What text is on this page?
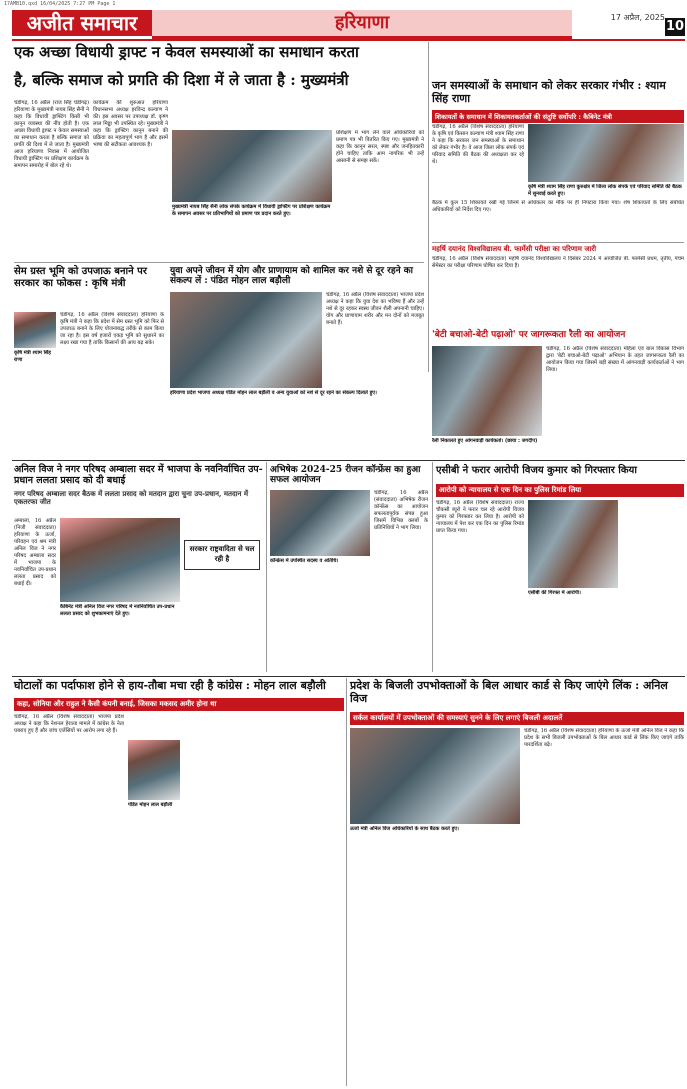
17AMB10.qxd 16/04/2025 7:27 PM Page 1
अजीत समाचार	हरियाणा	17 अप्रैल, 2025
10
एक अच्छा विधायी ड्राफ्ट न केवल समस्याओं का समाधान करता
है, बल्कि समाज को प्रगति की दिशा में ले जाता है : मुख्यमंत्री
चंडीगढ़, 16 अप्रैल (राज सिंह चंडीगढ़) हरियाणा के मुख्यमंत्री नायब सिंह सैनी ने कहा कि विधायी ड्राफ्टिंग किसी भी कानून व्यवस्था की नींव होती है। एक अच्छा विधायी ड्राफ्ट न केवल समस्याओं का समाधान करता है बल्कि समाज को प्रगति की दिशा में ले जाता है। मुख्यमंत्री आज हरियाणा निवास में आयोजित विधायी ड्राफ्टिंग पर प्रशिक्षण कार्यक्रम के समापन समारोह में बोल रहे थे।
कार्यक्रम की शुरुआत हरियाणा विधानसभा अध्यक्ष हरविन्द्र कल्याण ने की। इस अवसर पर उपाध्यक्ष डॉ. कृष्ण लाल मिड्ढा भी उपस्थित रहे। मुख्यमंत्री ने कहा कि ड्राफ्टिंग कानून बनाने की प्रक्रिया का महत्वपूर्ण भाग है और इसमें भाषा की सटीकता आवश्यक है।
मुख्यमंत्री नायब सिंह सैनी लोक संपर्क कार्यक्रम में विधायी ड्राफ्टिंग पर प्रशिक्षण कार्यक्रम के समापन अवसर पर प्रतिभागियों को प्रमाण पत्र प्रदान करते हुए।
प्रशिक्षण में भाग लेने वाले अधिकारियों को प्रमाण पत्र भी वितरित किए गए। मुख्यमंत्री ने कहा कि कानून सरल, स्पष्ट और जनहितकारी होने चाहिए ताकि आम नागरिक भी उन्हें आसानी से समझ सकें।
जन समस्याओं के समाधान को लेकर सरकार गंभीर : श्याम सिंह राणा
शिकायतों के समाधान में शिकायतकर्ताओं की संतुष्टि सर्वोपरि : कैबिनेट मंत्री
चंडीगढ़, 16 अप्रैल (विशेष संवाददाता) हरियाणा के कृषि एवं किसान कल्याण मंत्री श्याम सिंह राणा ने कहा कि सरकार जन समस्याओं के समाधान को लेकर गंभीर है। वे आज जिला लोक संपर्क एवं परिवाद समिति की बैठक की अध्यक्षता कर रहे थे।
कृषि मंत्री श्याम सिंह राणा कुरुक्षेत्र में जिला लोक संपर्क एवं परिवाद समिति की बैठक में सुनवाई करते हुए।
बैठक में कुल 15 शिकायतें रखी गई जिनमें से अधिकतर का मौके पर ही निपटारा किया गया। शेष शिकायतों के लिए संबंधित अधिकारियों को निर्देश दिए गए।
महर्षि दयानंद विश्वविद्यालय बी. फार्मेसी परीक्षा का परिणाम जारी
चंडीगढ़, 16 अप्रैल (विशेष संवाददाता) महर्षि दयानंद विश्वविद्यालय ने दिसंबर 2024 में आयोजित बी. फार्मेसी प्रथम, तृतीय, पंचम सेमेस्टर का परीक्षा परिणाम घोषित कर दिया है।
सेम ग्रस्त भूमि को उपजाऊ बनाने पर सरकार का फोकस : कृषि मंत्री
कृषि मंत्री श्याम सिंह राणा
चंडीगढ़, 16 अप्रैल (विशेष संवाददाता) हरियाणा के कृषि मंत्री ने कहा कि प्रदेश में सेम ग्रस्त भूमि को फिर से उपजाऊ बनाने के लिए योजनाबद्ध तरीके से काम किया जा रहा है। इस वर्ष हजारों एकड़ भूमि को सुधारने का लक्ष्य रखा गया है ताकि किसानों की आय बढ़ सके।
युवा अपने जीवन में योग और प्राणायाम को शामिल कर नशे से दूर रहने का संकल्प लें : पंडित मोहन लाल बड़ौली
हरियाणा प्रदेश भाजपा अध्यक्ष पंडित मोहन लाल बड़ौली व अन्य युवाओं को नशे से दूर रहने का संकल्प दिलाते हुए।
चंडीगढ़, 16 अप्रैल (विशेष संवाददाता) भाजपा प्रदेश अध्यक्ष ने कहा कि युवा देश का भविष्य हैं और उन्हें नशे से दूर रहकर स्वस्थ जीवन शैली अपनानी चाहिए। योग और प्राणायाम शरीर और मन दोनों को मजबूत बनाते हैं।
'बेटी बचाओ-बेटी पढ़ाओ' पर जागरूकता रैली का आयोजन
रैली निकालते हुए आंगनवाड़ी कार्यकर्ता। (छाया : जगदीप)
चंडीगढ़, 16 अप्रैल (विशेष संवाददाता) महिला एवं बाल विकास विभाग द्वारा 'बेटी बचाओ-बेटी पढ़ाओ' अभियान के तहत जागरूकता रैली का आयोजन किया गया जिसमें बड़ी संख्या में आंगनवाड़ी कार्यकर्ताओं ने भाग लिया।
अनिल विज ने नगर परिषद अम्बाला सदर में भाजपा के नवनिर्वाचित उप-प्रधान ललता प्रसाद को दी बधाई
नगर परिषद अम्बाला सदर बैठक में ललता प्रसाद को मतदान द्वारा चुना उप-प्रधान, मतदान में एकतरफा जीत
कैबिनेट मंत्री अनिल विज नगर परिषद में नवनिर्वाचित उप-प्रधान ललता प्रसाद को शुभकामनाएं देते हुए।
अम्बाला, 16 अप्रैल (निजी संवाददाता) हरियाणा के ऊर्जा, परिवहन एवं श्रम मंत्री अनिल विज ने नगर परिषद अम्बाला सदर में भाजपा के नवनिर्वाचित उप-प्रधान ललता प्रसाद को बधाई दी।
सरकार राष्ट्रवादिता से चल रही है
अभिषेक 2024-25 रीजन कॉन्फ्रेंस का हुआ सफल आयोजन
कॉन्फ्रेंस में उपस्थित सदस्य व अतिथि।
चंडीगढ़, 16 अप्रैल (संवाददाता) अभिषेक रीजन कॉन्फ्रेंस का आयोजन सफलतापूर्वक संपन्न हुआ जिसमें विभिन्न क्लबों के प्रतिनिधियों ने भाग लिया।
एसीबी ने फरार आरोपी विजय कुमार को गिरफ्तार किया
आरोपी को न्यायालय से एक दिन का पुलिस रिमांड लिया
चंडीगढ़, 16 अप्रैल (विशेष संवाददाता) राज्य चौकसी ब्यूरो ने फरार चल रहे आरोपी विजय कुमार को गिरफ्तार कर लिया है। आरोपी को न्यायालय में पेश कर एक दिन का पुलिस रिमांड प्राप्त किया गया।
एसीबी की गिरफ्त में आरोपी।
घोटालों का पर्दाफाश होने से हाय-तौबा मचा रही है कांग्रेस : मोहन लाल बड़ौली
कहा, सोनिया और राहुल ने कैसी कंपनी बनाई, जिसका मकसद अमीर होना था
चंडीगढ़, 16 अप्रैल (विशेष संवाददाता) भाजपा प्रदेश अध्यक्ष ने कहा कि नेशनल हेराल्ड मामले में कांग्रेस के नेता घबराए हुए हैं और जांच एजेंसियों पर आरोप लगा रहे हैं।
पंडित मोहन लाल बड़ौली
प्रदेश के बिजली उपभोक्ताओं के बिल आधार कार्ड से किए जाएंगे लिंक : अनिल विज
सर्कल कार्यालयों में उपभोक्ताओं की समस्याएं सुनने के लिए लगाएं बिजली अदालतें
ऊर्जा मंत्री अनिल विज अधिकारियों के साथ बैठक करते हुए।
चंडीगढ़, 16 अप्रैल (विशेष संवाददाता) हरियाणा के ऊर्जा मंत्री अनिल विज ने कहा कि प्रदेश के सभी बिजली उपभोक्ताओं के बिल आधार कार्ड से लिंक किए जाएंगे ताकि पारदर्शिता बढ़े।
